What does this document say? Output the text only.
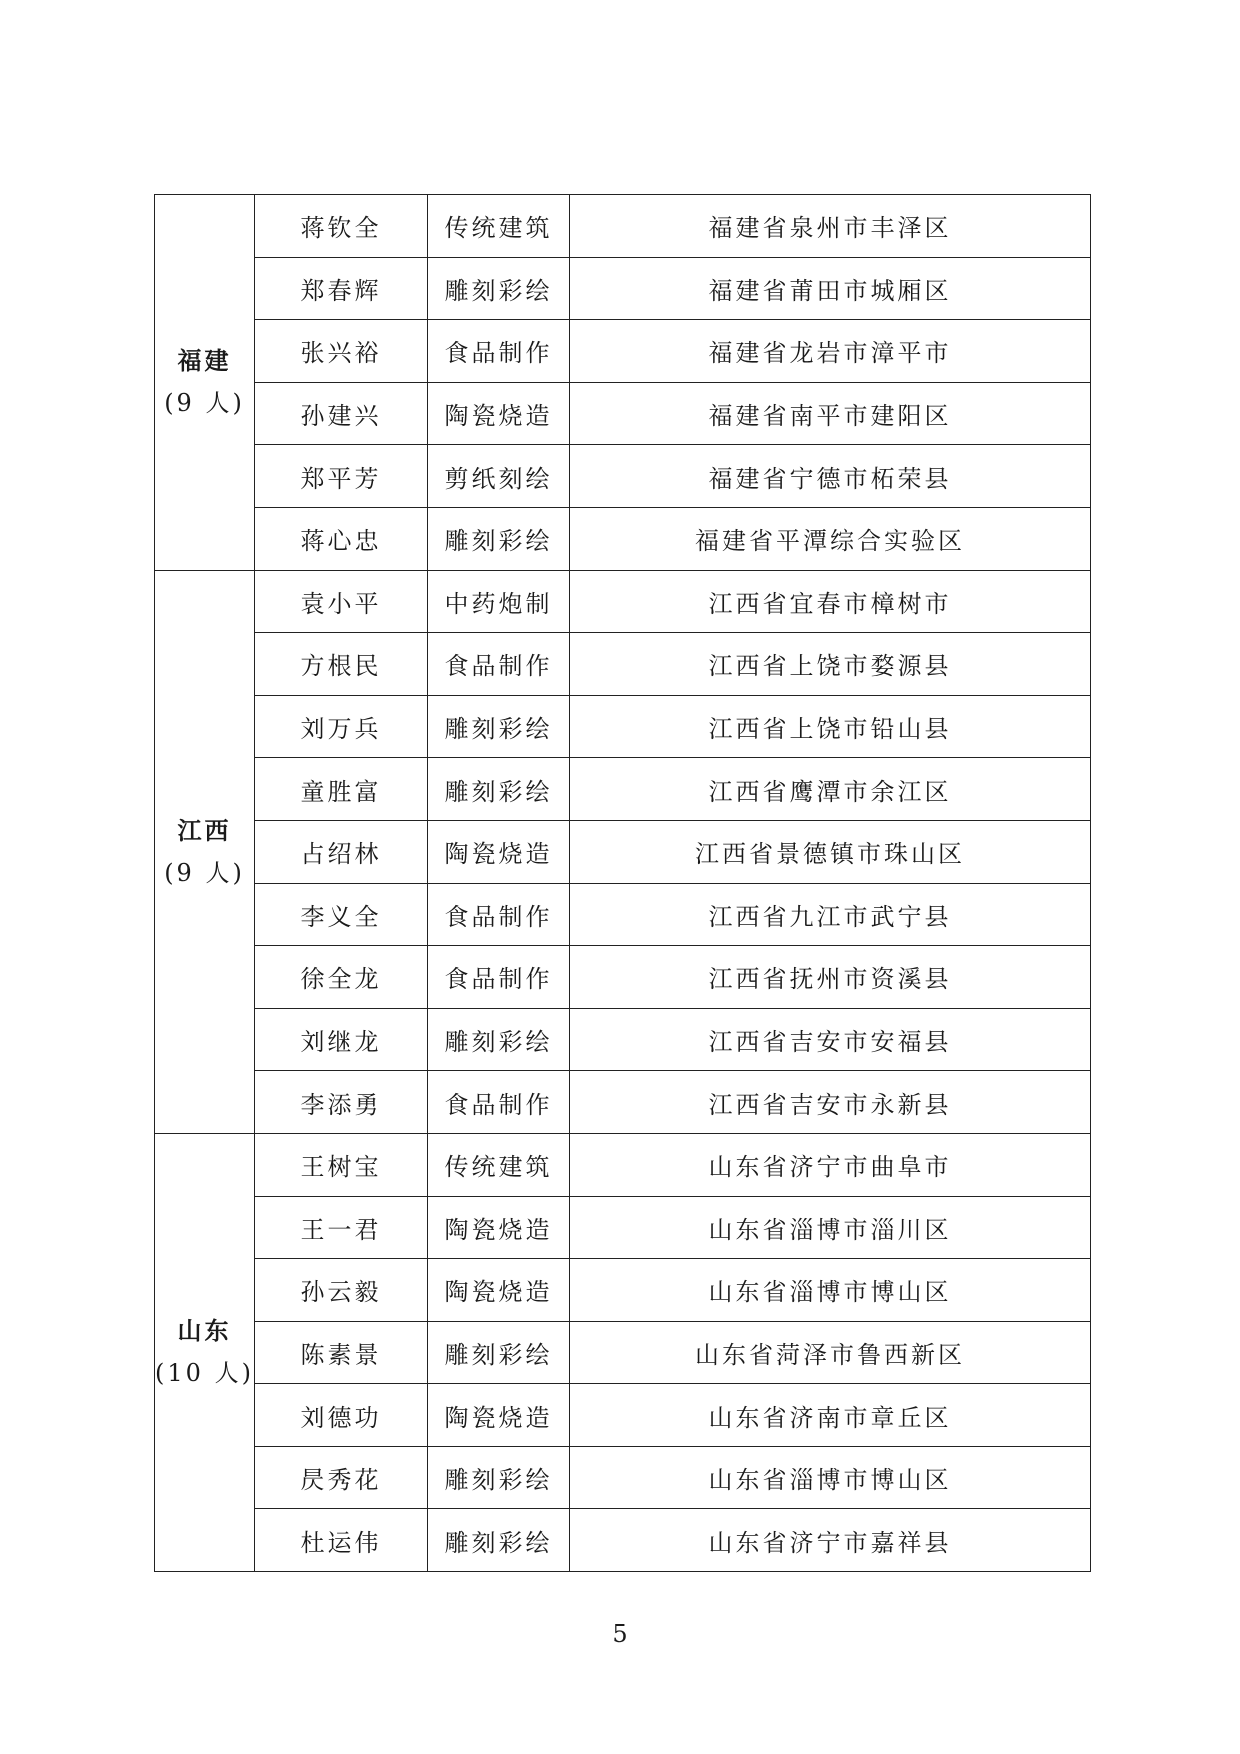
福建
(9 人)	蒋钦全	传统建筑	福建省泉州市丰泽区
	郑春辉	雕刻彩绘	福建省莆田市城厢区
	张兴裕	食品制作	福建省龙岩市漳平市
	孙建兴	陶瓷烧造	福建省南平市建阳区
	郑平芳	剪纸刻绘	福建省宁德市柘荣县
	蒋心忠	雕刻彩绘	福建省平潭综合实验区

江西
(9 人)	袁小平	中药炮制	江西省宜春市樟树市
	方根民	食品制作	江西省上饶市婺源县
	刘万兵	雕刻彩绘	江西省上饶市铅山县
	童胜富	雕刻彩绘	江西省鹰潭市余江区
	占绍林	陶瓷烧造	江西省景德镇市珠山区
	李义全	食品制作	江西省九江市武宁县
	徐全龙	食品制作	江西省抚州市资溪县
	刘继龙	雕刻彩绘	江西省吉安市安福县
	李添勇	食品制作	江西省吉安市永新县

山东
(10 人)	王树宝	传统建筑	山东省济宁市曲阜市
	王一君	陶瓷烧造	山东省淄博市淄川区
	孙云毅	陶瓷烧造	山东省淄博市博山区
	陈素景	雕刻彩绘	山东省菏泽市鲁西新区
	刘德功	陶瓷烧造	山东省济南市章丘区
	昃秀花	雕刻彩绘	山东省淄博市博山区
	杜运伟	雕刻彩绘	山东省济宁市嘉祥县
5
